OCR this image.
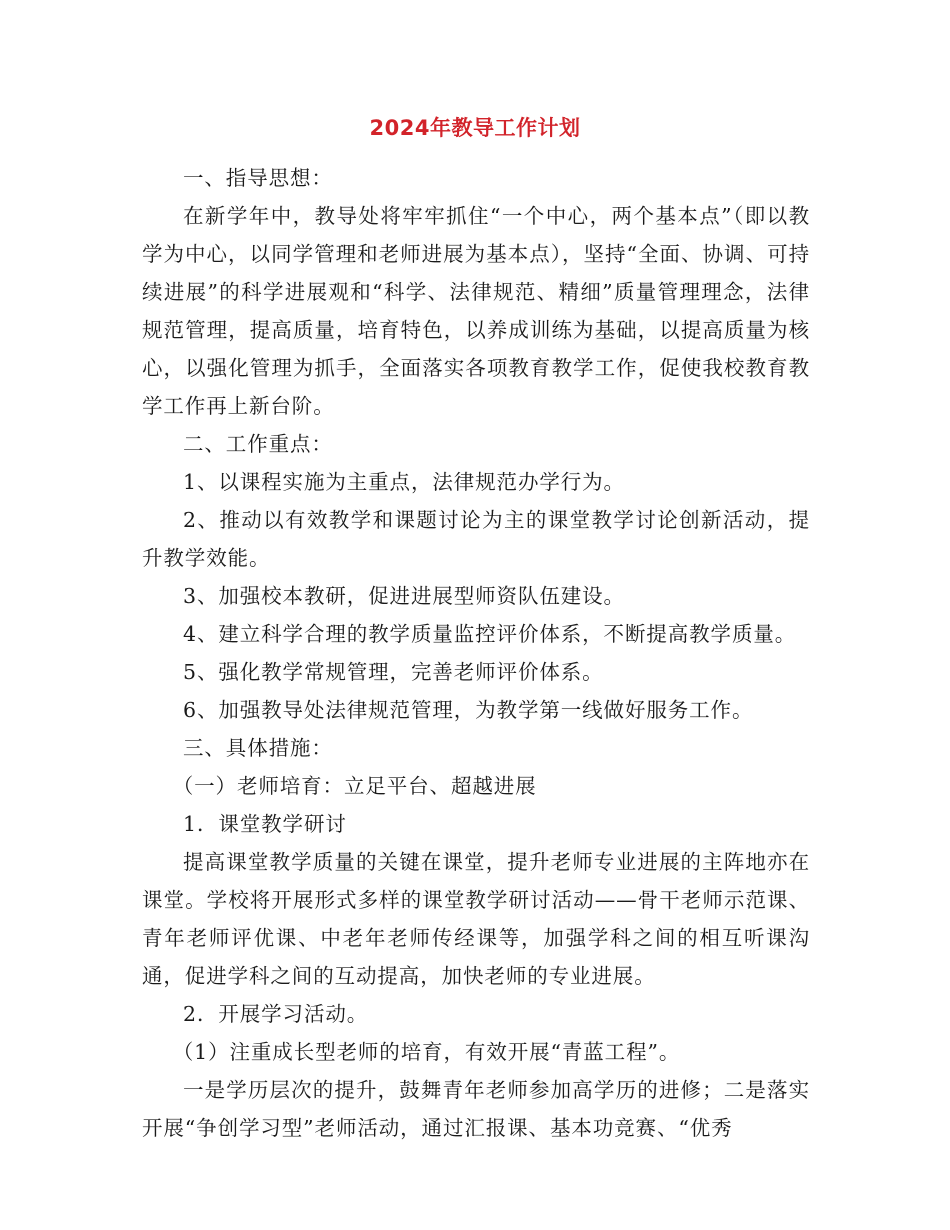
2024年教导工作计划

一、指导思想：

在新学年中，教导处将牢牢抓住“一个中心，两个基本点”（即以教学为中心，以同学管理和老师进展为基本点），坚持“全面、协调、可持续进展”的科学进展观和“科学、法律规范、精细”质量管理理念，法律规范管理，提高质量，培育特色，以养成训练为基础，以提高质量为核心，以强化管理为抓手，全面落实各项教育教学工作，促使我校教育教学工作再上新台阶。

二、工作重点：

1、以课程实施为主重点，法律规范办学行为。

2、推动以有效教学和课题讨论为主的课堂教学讨论创新活动，提升教学效能。

3、加强校本教研，促进进展型师资队伍建设。

4、建立科学合理的教学质量监控评价体系，不断提高教学质量。

5、强化教学常规管理，完善老师评价体系。

6、加强教导处法律规范管理，为教学第一线做好服务工作。

三、具体措施：

（一）老师培育：立足平台、超越进展

1．课堂教学研讨

提高课堂教学质量的关键在课堂，提升老师专业进展的主阵地亦在课堂。学校将开展形式多样的课堂教学研讨活动——骨干老师示范课、青年老师评优课、中老年老师传经课等，加强学科之间的相互听课沟通，促进学科之间的互动提高，加快老师的专业进展。

2．开展学习活动。

（1）注重成长型老师的培育，有效开展“青蓝工程”。

一是学历层次的提升，鼓舞青年老师参加高学历的进修；二是落实开展“争创学习型”老师活动，通过汇报课、基本功竞赛、“优秀
